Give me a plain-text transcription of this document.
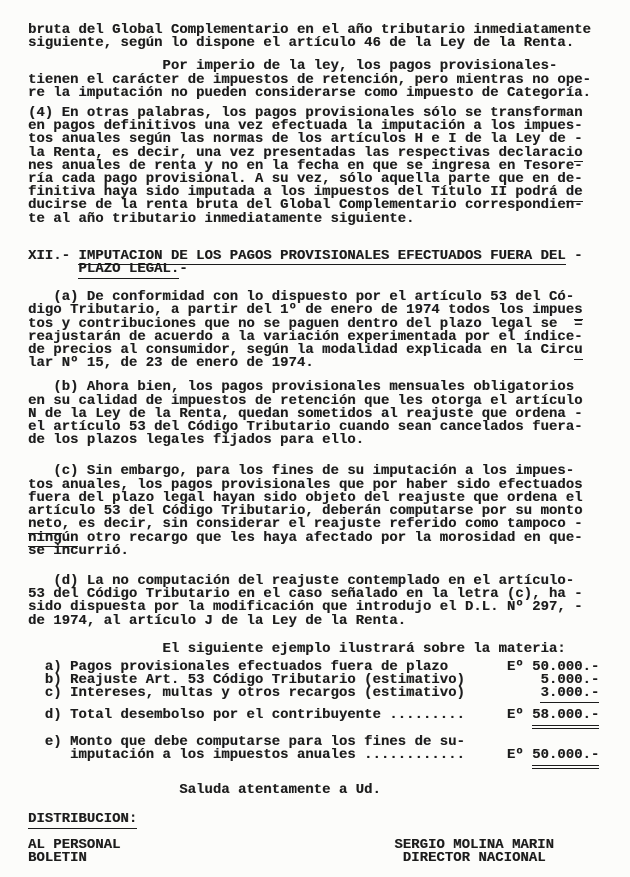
bruta del Global Complementario en el año tributario inmediatamente
siguiente, según lo dispone el artículo 46 de la Ley de la Renta.
Por imperio de la ley, los pagos provisionales-
tienen el carácter de impuestos de retención, pero mientras no ope-
re la imputación no pueden considerarse como impuesto de Categoría.
(4) En otras palabras, los pagos provisionales sólo se transforman
en pagos definitivos una vez efectuada la imputación a los impues-
tos anuales según las normas de los artículos H e I de la Ley de -
la Renta, es decir, una vez presentadas las respectivas declaracio
nes anuales de renta y no en la fecha en que se ingresa en Tesore-
ría cada pago provisional. A su vez, sólo aquella parte que en de-
finitiva haya sido imputada a los impuestos del Título II podrá de
ducirse de la renta bruta del Global Complementario correspondien-
te al año tributario inmediatamente siguiente.
XII.- IMPUTACION DE LOS PAGOS PROVISIONALES EFECTUADOS FUERA DEL -
PLAZO LEGAL.-
(a) De conformidad con lo dispuesto por el artículo 53 del Có-
digo Tributario, a partir del 1º de enero de 1974 todos los impues
tos y contribuciones que no se paguen dentro del plazo legal se  =
reajustarán de acuerdo a la variación experimentada por el índice-
de precios al consumidor, según la modalidad explicada en la Circu
lar Nº 15, de 23 de enero de 1974.
(b) Ahora bien, los pagos provisionales mensuales obligatorios
en su calidad de impuestos de retención que les otorga el artículo
N de la Ley de la Renta, quedan sometidos al reajuste que ordena -
el artículo 53 del Código Tributario cuando sean cancelados fuera-
de los plazos legales fijados para ello.
(c) Sin embargo, para los fines de su imputación a los impues-
tos anuales, los pagos provisionales que por haber sido efectuados
fuera del plazo legal hayan sido objeto del reajuste que ordena el
artículo 53 del Código Tributario, deberán computarse por su monto
neto, es decir, sin considerar el reajuste referido como tampoco -
ningún otro recargo que les haya afectado por la morosidad en que-
se incurrió.
(d) La no computación del reajuste contemplado en el artículo-
53 del Código Tributario en el caso señalado en la letra (c), ha -
sido dispuesta por la modificación que introdujo el D.L. Nº 297, -
de 1974, al artículo J de la Ley de la Renta.
El siguiente ejemplo ilustrará sobre la materia:
a) Pagos provisionales efectuados fuera de plazo       Eº 50.000.-
b) Reajuste Art. 53 Código Tributario (estimativo)         5.000.-
c) Intereses, multas y otros recargos (estimativo)         3.000.-
d) Total desembolso por el contribuyente .........     Eº 58.000.-
e) Monto que debe computarse para los fines de su-
imputación a los impuestos anuales ............     Eº 50.000.-
Saluda atentamente a Ud.
DISTRIBUCION:
AL PERSONAL
BOLETIN
SERGIO MOLINA MARIN
DIRECTOR NACIONAL
